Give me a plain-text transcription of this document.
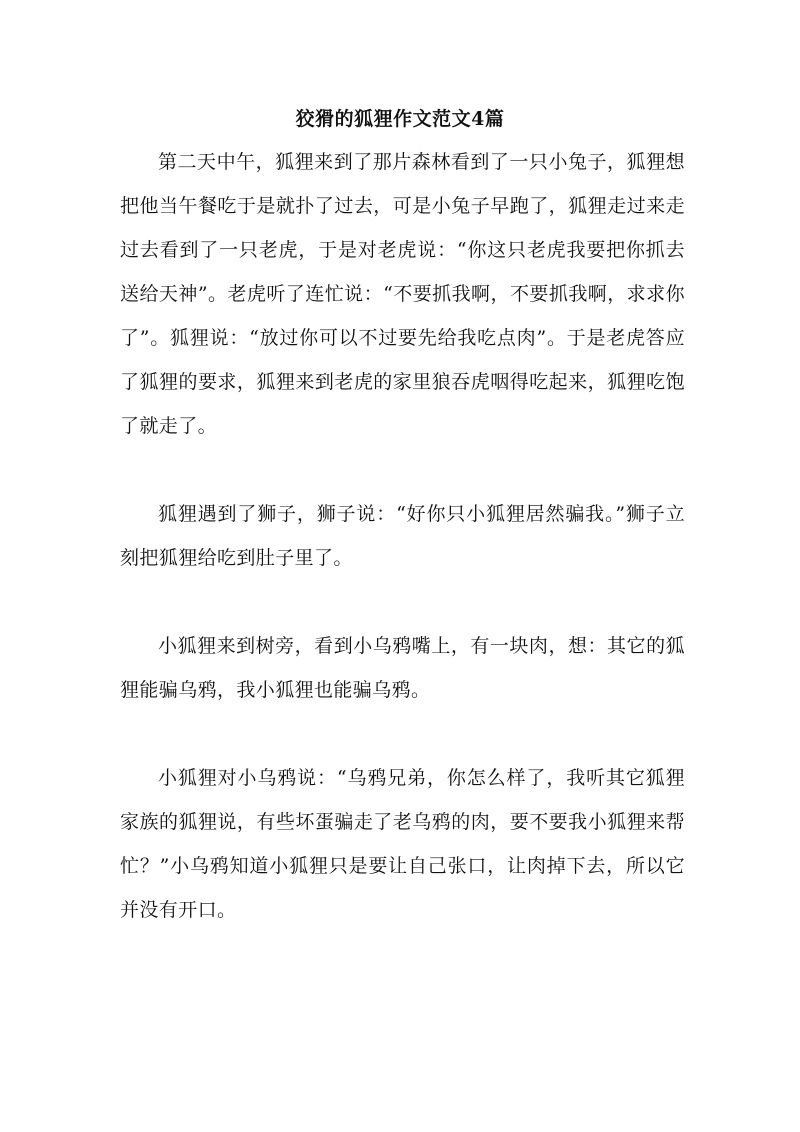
狡猾的狐狸作文范文4篇

第二天中午，狐狸来到了那片森林看到了一只小兔子，狐狸想把他当午餐吃于是就扑了过去，可是小兔子早跑了，狐狸走过来走过去看到了一只老虎，于是对老虎说：“你这只老虎我要把你抓去送给天神”。老虎听了连忙说：“不要抓我啊，不要抓我啊，求求你了”。狐狸说：“放过你可以不过要先给我吃点肉”。于是老虎答应了狐狸的要求，狐狸来到老虎的家里狼吞虎咽得吃起来，狐狸吃饱了就走了。

狐狸遇到了狮子，狮子说：“好你只小狐狸居然骗我。”狮子立刻把狐狸给吃到肚子里了。

小狐狸来到树旁，看到小乌鸦嘴上，有一块肉，想：其它的狐狸能骗乌鸦，我小狐狸也能骗乌鸦。

小狐狸对小乌鸦说：“乌鸦兄弟，你怎么样了，我听其它狐狸家族的狐狸说，有些坏蛋骗走了老乌鸦的肉，要不要我小狐狸来帮忙？”小乌鸦知道小狐狸只是要让自己张口，让肉掉下去，所以它并没有开口。
